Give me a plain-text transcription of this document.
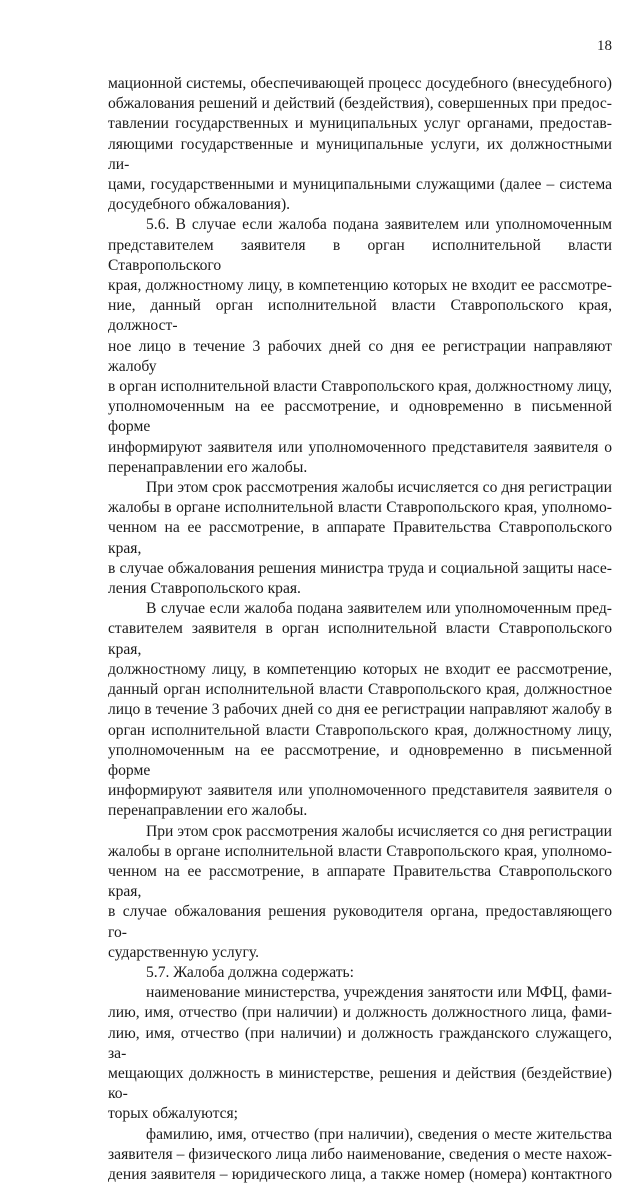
18

мационной системы, обеспечивающей процесс досудебного (внесудебного)

обжалования решений и действий (бездействия), совершенных при предос-

тавлении государственных и муниципальных услуг органами, предостав-

ляющими государственные и муниципальные услуги, их должностными ли-

цами, государственными и муниципальными служащими (далее – система

досудебного обжалования).

5.6. В случае если жалоба подана заявителем или уполномоченным

представителем заявителя в орган исполнительной власти Ставропольского

края, должностному лицу, в компетенцию которых не входит ее рассмотре-

ние, данный орган исполнительной власти Ставропольского края, должност-

ное лицо в течение 3 рабочих дней со дня ее регистрации направляют жалобу

в орган исполнительной власти Ставропольского края, должностному лицу,

уполномоченным на ее рассмотрение, и одновременно в письменной форме

информируют заявителя или уполномоченного представителя заявителя о

перенаправлении его жалобы.

При этом срок рассмотрения жалобы исчисляется со дня регистрации

жалобы в органе исполнительной власти Ставропольского края, уполномо-

ченном на ее рассмотрение, в аппарате Правительства Ставропольского края,

в случае обжалования решения министра труда и социальной защиты насе-

ления Ставропольского края.

В случае если жалоба подана заявителем или уполномоченным пред-

ставителем заявителя в орган исполнительной власти Ставропольского края,

должностному лицу, в компетенцию которых не входит ее рассмотрение,

данный орган исполнительной власти Ставропольского края, должностное

лицо в течение 3 рабочих дней со дня ее регистрации направляют жалобу в

орган исполнительной власти Ставропольского края, должностному лицу,

уполномоченным на ее рассмотрение, и одновременно в письменной форме

информируют заявителя или уполномоченного представителя заявителя о

перенаправлении его жалобы.

При этом срок рассмотрения жалобы исчисляется со дня регистрации

жалобы в органе исполнительной власти Ставропольского края, уполномо-

ченном на ее рассмотрение, в аппарате Правительства Ставропольского края,

в случае обжалования решения руководителя органа, предоставляющего го-

сударственную услугу.

5.7. Жалоба должна содержать:

наименование министерства, учреждения занятости или МФЦ, фами-

лию, имя, отчество (при наличии) и должность должностного лица, фами-

лию, имя, отчество (при наличии) и должность гражданского служащего, за-

мещающих должность в министерстве, решения и действия (бездействие) ко-

торых обжалуются;

фамилию, имя, отчество (при наличии), сведения о месте жительства

заявителя – физического лица либо наименование, сведения о месте нахож-

дения заявителя – юридического лица, а также номер (номера) контактного
